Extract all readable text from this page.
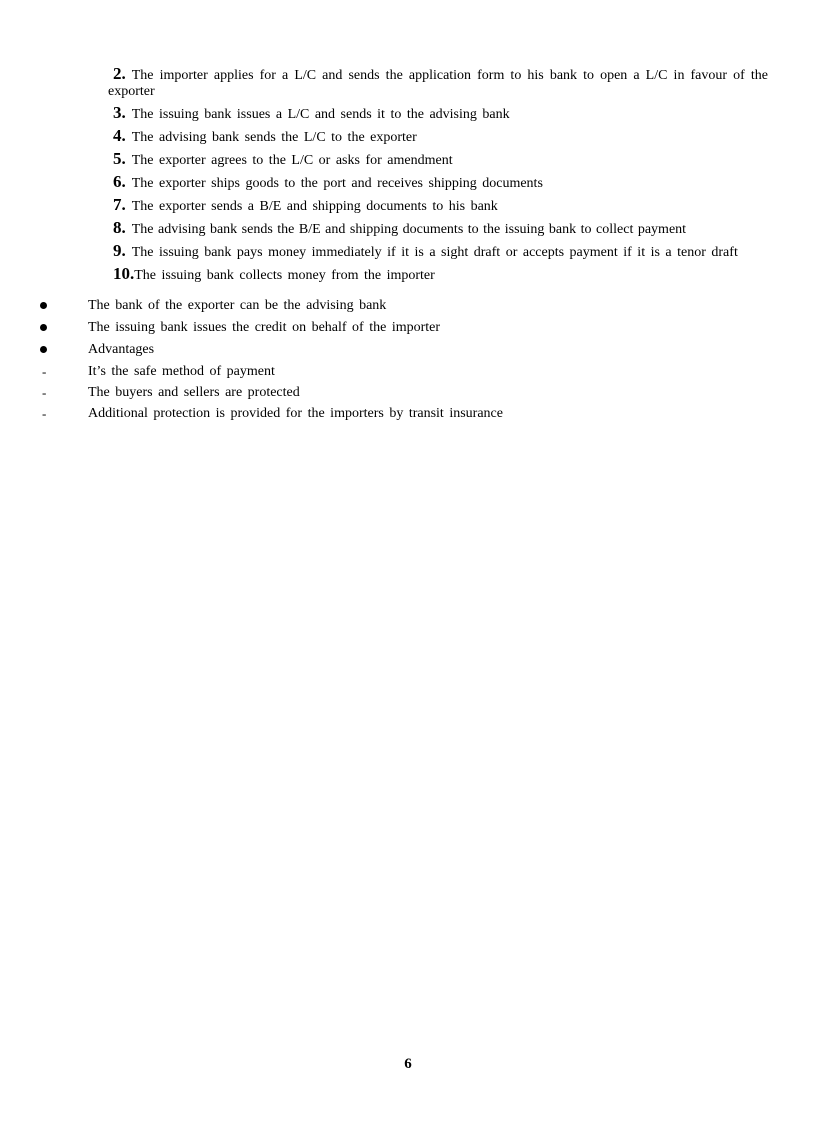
2. The importer applies for a L/C and sends the application form to his bank to open a L/C in favour of the exporter
3. The issuing bank issues a L/C and sends it to the advising bank
4. The advising bank sends the L/C to the exporter
5. The exporter agrees to the L/C or asks for amendment
6. The exporter ships goods to the port and receives shipping documents
7. The exporter sends a B/E and shipping documents to his bank
8. The advising bank sends the B/E and shipping documents to the issuing bank to collect payment
9. The issuing bank pays money immediately if it is a sight draft or accepts payment if it is a tenor draft
10.The issuing bank collects money from the importer
The bank of the exporter can be the advising bank
The issuing bank issues the credit on behalf of the importer
Advantages
-	It’s the safe method of payment
-	The buyers and sellers are protected
-	Additional protection is provided for the importers by transit insurance
6
